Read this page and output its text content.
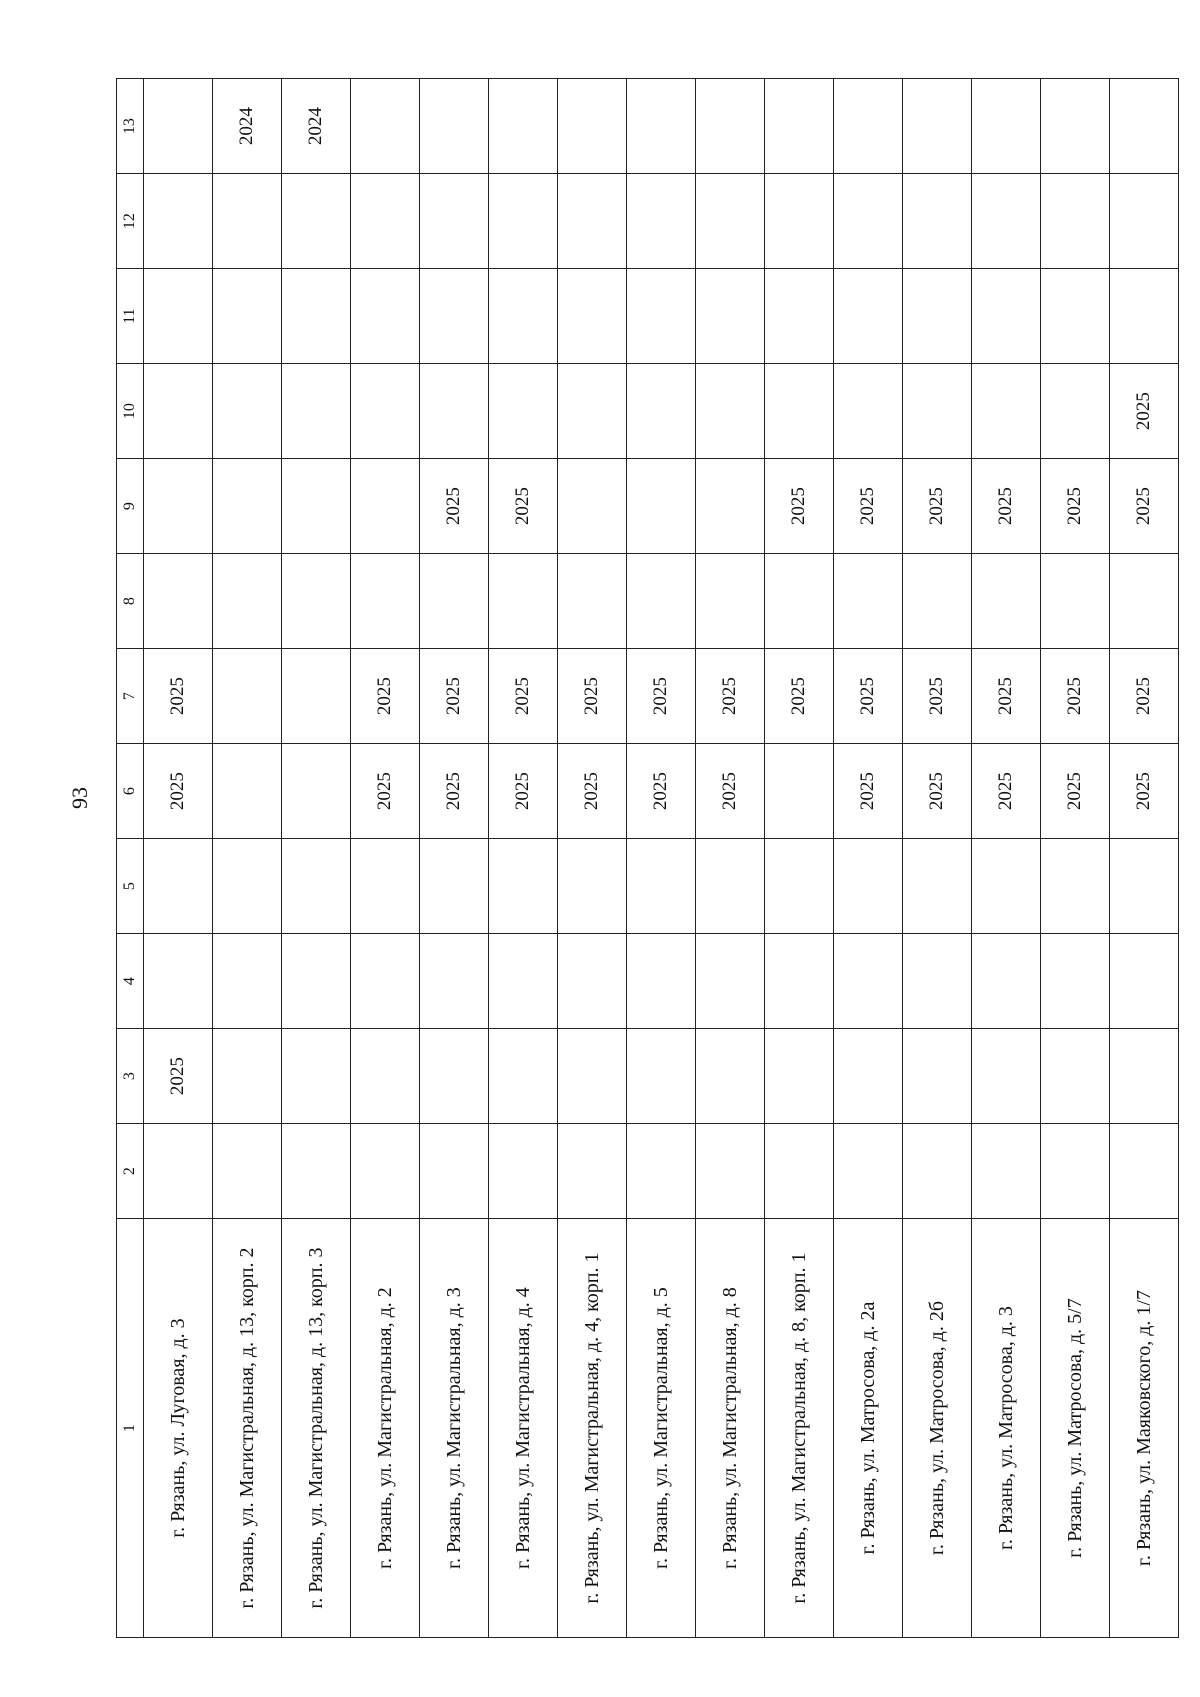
93
1	2	3	4	5	6	7	8	9	10	11	12	13
г. Рязань, ул. Луговая, д. 3		2025			2025	2025						
г. Рязань, ул. Магистральная, д. 13, корп. 2												2024
г. Рязань, ул. Магистральная, д. 13, корп. 3												2024
г. Рязань, ул. Магистральная, д. 2					2025	2025						
г. Рязань, ул. Магистральная, д. 3					2025	2025		2025				
г. Рязань, ул. Магистральная, д. 4					2025	2025		2025				
г. Рязань, ул. Магистральная, д. 4, корп. 1					2025	2025						
г. Рязань, ул. Магистральная, д. 5					2025	2025						
г. Рязань, ул. Магистральная, д. 8					2025	2025						
г. Рязань, ул. Магистральная, д. 8, корп. 1						2025		2025				
г. Рязань, ул. Матросова, д. 2а					2025	2025		2025				
г. Рязань, ул. Матросова, д. 2б					2025	2025		2025				
г. Рязань, ул. Матросова, д. 3					2025	2025		2025				
г. Рязань, ул. Матросова, д. 5/7					2025	2025		2025				
г. Рязань, ул. Маяковского, д. 1/7					2025	2025		2025	2025			
